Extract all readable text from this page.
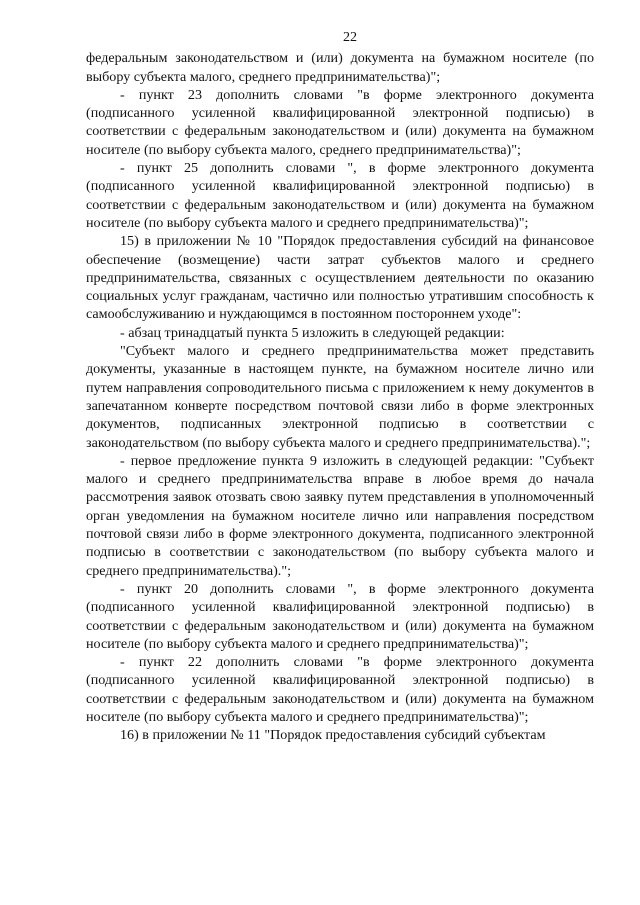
22

федеральным законодательством и (или) документа на бумажном носителе (по выбору субъекта малого, среднего предпринимательства)";

- пункт 23 дополнить словами "в форме электронного документа (подписанного усиленной квалифицированной электронной подписью) в соответствии с федеральным законодательством и (или) документа на бумажном носителе (по выбору субъекта малого, среднего предпринимательства)";

- пункт 25 дополнить словами ", в форме электронного документа (подписанного усиленной квалифицированной электронной подписью) в соответствии с федеральным законодательством и (или) документа на бумажном носителе (по выбору субъекта малого и среднего предпринимательства)";

15) в приложении № 10 "Порядок предоставления субсидий на финансовое обеспечение (возмещение) части затрат субъектов малого и среднего предпринимательства, связанных с осуществлением деятельности по оказанию социальных услуг гражданам, частично или полностью утратившим способность к самообслуживанию и нуждающимся в постоянном постороннем уходе":

- абзац тринадцатый пункта 5 изложить в следующей редакции:

"Субъект малого и среднего предпринимательства может представить документы, указанные в настоящем пункте, на бумажном носителе лично или путем направления сопроводительного письма с приложением к нему документов в запечатанном конверте посредством почтовой связи либо в форме электронных документов, подписанных электронной подписью в соответствии с законодательством (по выбору субъекта малого и среднего предпринимательства).";

- первое предложение пункта 9 изложить в следующей редакции: "Субъект малого и среднего предпринимательства вправе в любое время до начала рассмотрения заявок отозвать свою заявку путем представления в уполномоченный орган уведомления на бумажном носителе лично или направления посредством почтовой связи либо в форме электронного документа, подписанного электронной подписью в соответствии с законодательством (по выбору субъекта малого и среднего предпринимательства).";

- пункт 20 дополнить словами ", в форме электронного документа (подписанного усиленной квалифицированной электронной подписью) в соответствии с федеральным законодательством и (или) документа на бумажном носителе (по выбору субъекта малого и среднего предпринимательства)";

- пункт 22 дополнить словами "в форме электронного документа (подписанного усиленной квалифицированной электронной подписью) в соответствии с федеральным законодательством и (или) документа на бумажном носителе (по выбору субъекта малого и среднего предпринимательства)";

16) в приложении № 11 "Порядок предоставления субсидий субъектам
